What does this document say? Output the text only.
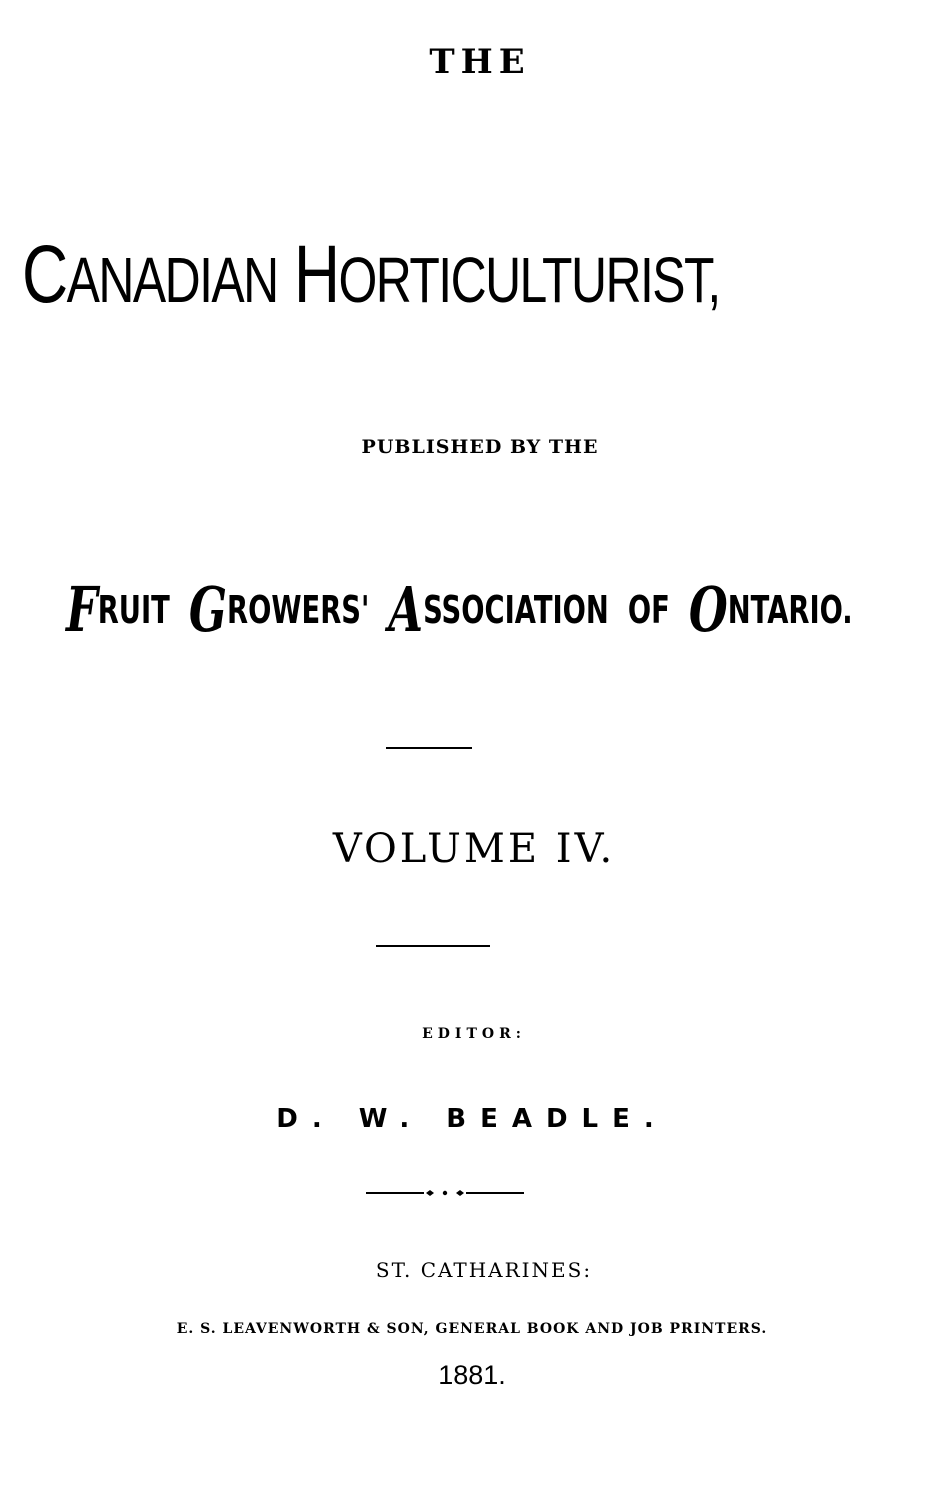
THE
CANADIAN HORTICULTURIST,
PUBLISHED BY THE
FRUIT GROWERS' ASSOCIATION OF ONTARIO.
VOLUME IV.
EDITOR:
D. W. BEADLE.
ST. CATHARINES:
E. S. LEAVENWORTH & SON, GENERAL BOOK AND JOB PRINTERS.
1881.
